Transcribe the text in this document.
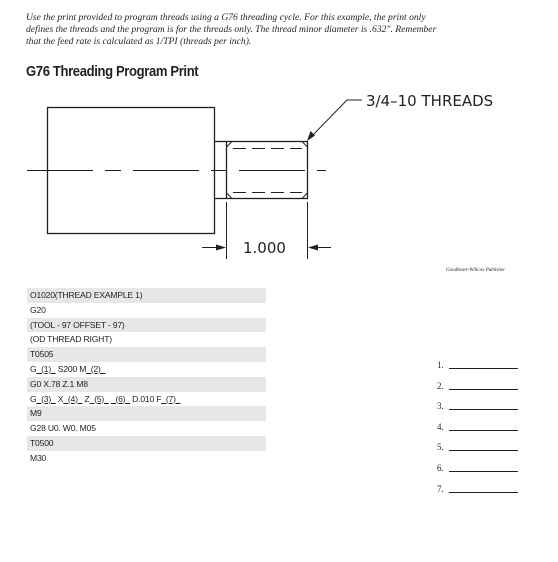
Use the print provided to program threads using a G76 threading cycle. For this example, the print only
defines the threads and the program is for the threads only. The thread minor diameter is .632". Remember
that the feed rate is calculated as 1/TPI (threads per inch).
G76 Threading Program Print
3/4–10 THREADS
1.000
Goodheart-Willcox Publisher
O1020(THREAD EXAMPLE 1)
G20
(TOOL - 97 OFFSET - 97)
(OD THREAD RIGHT)
T0505
G_(1)_ S200 M_(2)_
G0 X.78 Z.1 M8
G_(3)_ X_(4)_ Z_(5)_ _(6)_ D.010 F_(7)_
M9
G28 U0. W0. M05
T0500
M30
1.
2.
3.
4.
5.
6.
7.
